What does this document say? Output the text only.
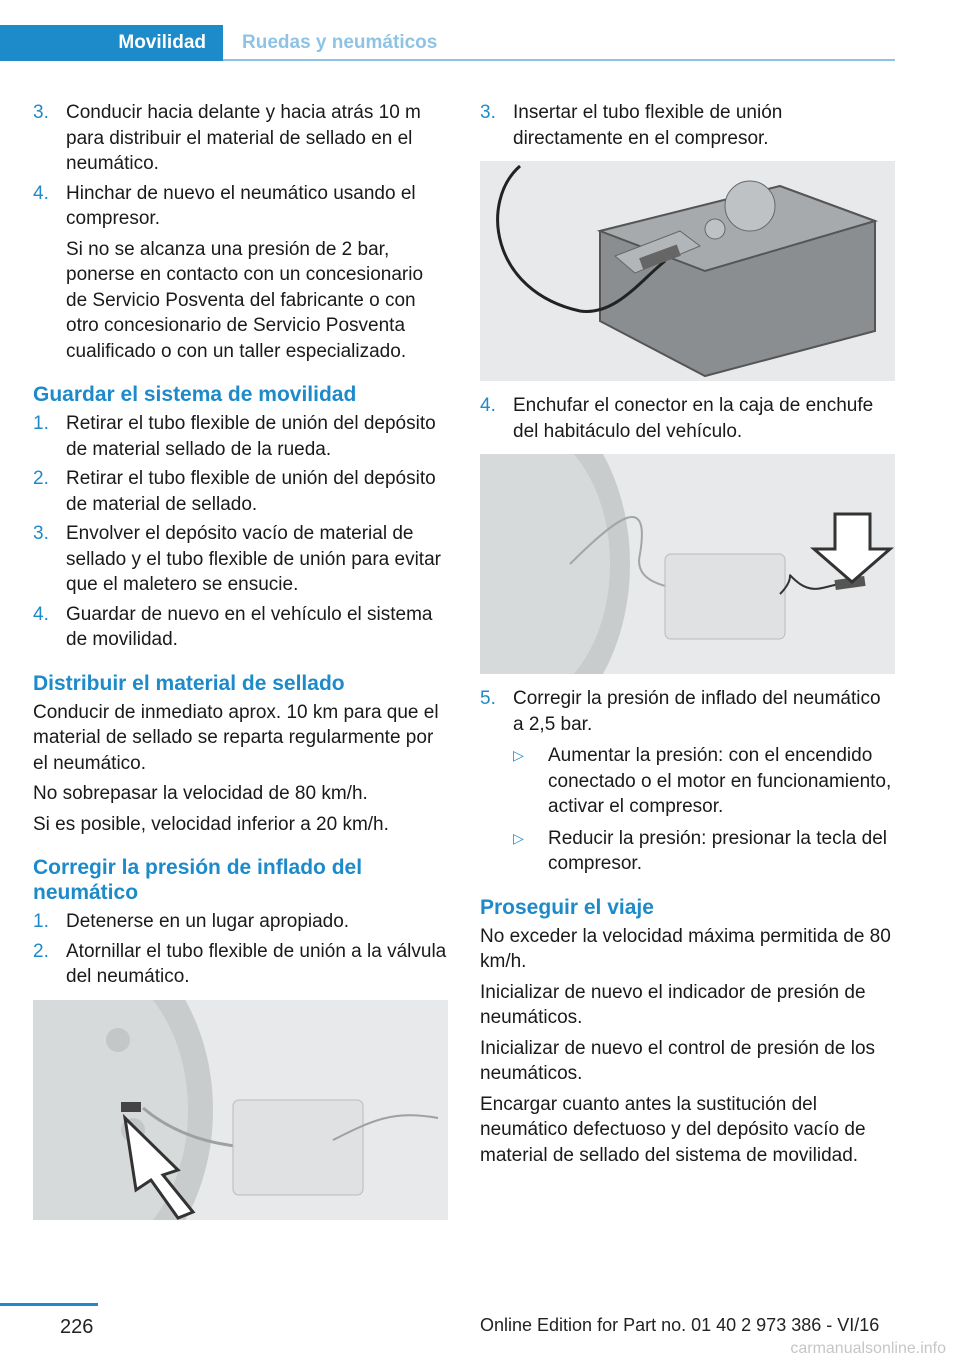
Movilidad	Ruedas y neumáticos
3. Conducir hacia delante y hacia atrás 10 m para distribuir el material de sellado en el neumático.

4. Hinchar de nuevo el neumático usando el compresor.

Si no se alcanza una presión de 2 bar, ponerse en contacto con un concesionario de Servicio Posventa del fabricante o con otro concesionario de Servicio Posventa cualificado o con un taller especializado.

Guardar el sistema de movilidad
1. Retirar el tubo flexible de unión del depósito de material sellado de la rueda.

2. Retirar el tubo flexible de unión del depósito de material de sellado.

3. Envolver el depósito vacío de material de sellado y el tubo flexible de unión para evitar que el maletero se ensucie.

4. Guardar de nuevo en el vehículo el sistema de movilidad.

Distribuir el material de sellado

Conducir de inmediato aprox. 10 km para que el material de sellado se reparta regularmente por el neumático.

No sobrepasar la velocidad de 80 km/h.

Si es posible, velocidad inferior a 20 km/h.

Corregir la presión de inflado del neumático
1. Detenerse en un lugar apropiado.

2. Atornillar el tubo flexible de unión a la válvula del neumático.

3. Insertar el tubo flexible de unión directamente en el compresor.

4. Enchufar el conector en la caja de enchufe del habitáculo del vehículo.

5. Corregir la presión de inflado del neumático a 2,5 bar.

▷ Aumentar la presión: con el encendido conectado o el motor en funcionamiento, activar el compresor.
▷ Reducir la presión: presionar la tecla del compresor.
Proseguir el viaje

No exceder la velocidad máxima permitida de 80 km/h.

Inicializar de nuevo el indicador de presión de neumáticos.

Inicializar de nuevo el control de presión de los neumáticos.

Encargar cuanto antes la sustitución del neumático defectuoso y del depósito vacío de material de sellado del sistema de movilidad.

226	Online Edition for Part no. 01 40 2 973 386 - VI/16
carmanualsonline.info
